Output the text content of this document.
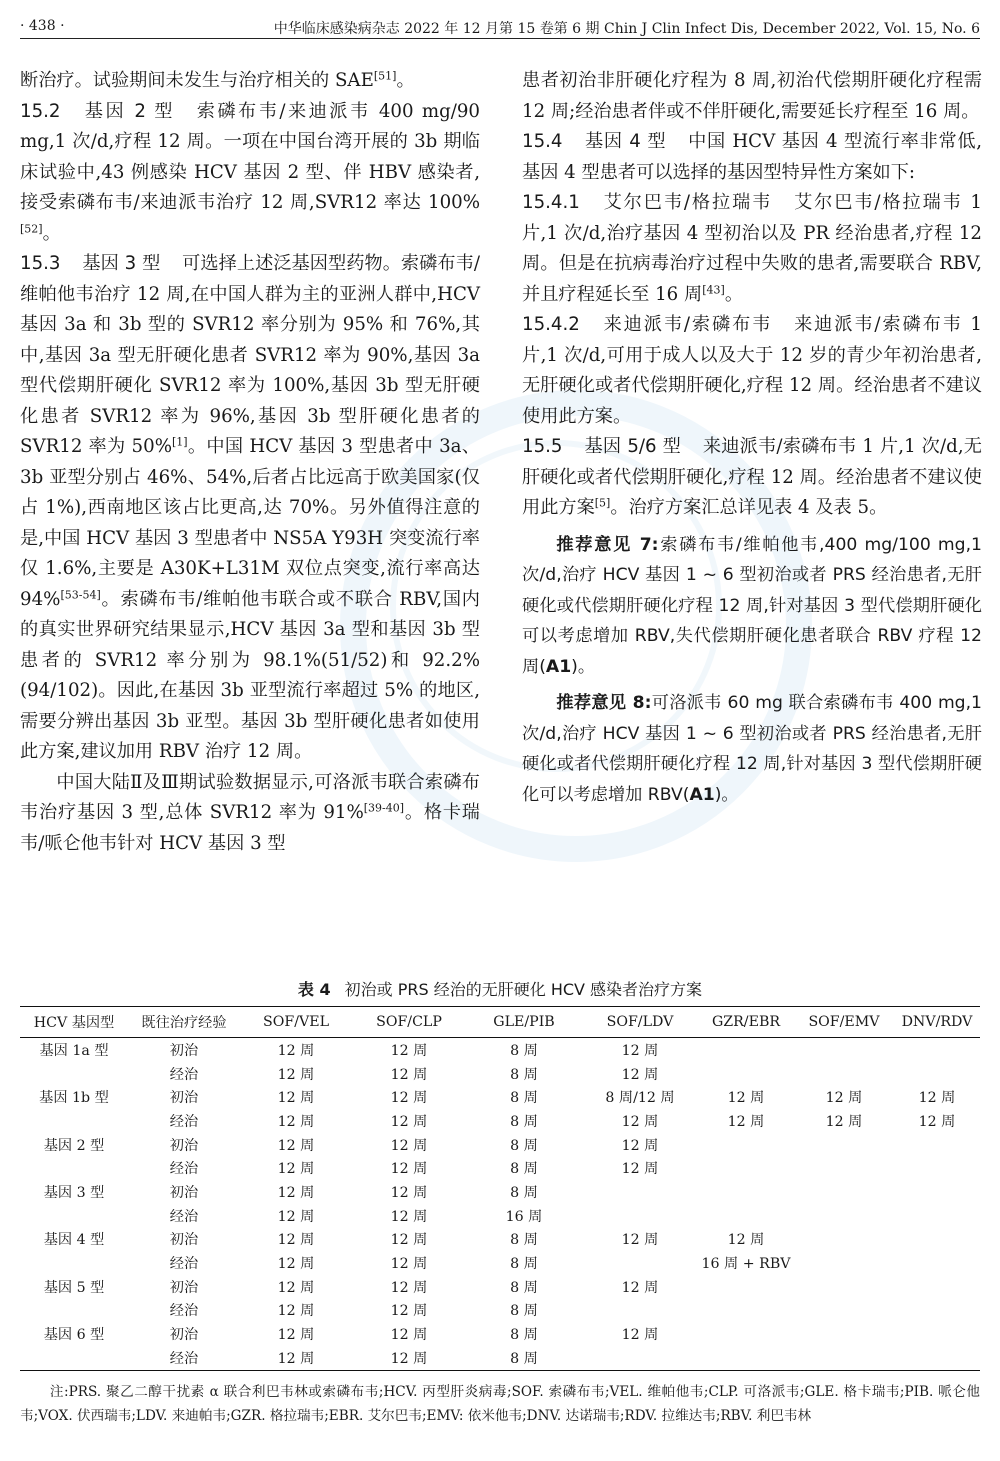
· 438 ·	中华临床感染病杂志 2022 年 12 月第 15 卷第 6 期 Chin J Clin Infect Dis, December 2022, Vol. 15, No. 6

断治疗。试验期间未发生与治疗相关的 SAE[51]。

15.2 基因 2 型 索磷布韦/来迪派韦 400 mg/90 mg,1 次/d,疗程 12 周。一项在中国台湾开展的 3b 期临床试验中,43 例感染 HCV 基因 2 型、伴 HBV 感染者,接受索磷布韦/来迪派韦治疗 12 周,SVR12 率达 100%[52]。

15.3 基因 3 型 可选择上述泛基因型药物。索磷布韦/维帕他韦治疗 12 周,在中国人群为主的亚洲人群中,HCV 基因 3a 和 3b 型的 SVR12 率分别为 95% 和 76%,其中,基因 3a 型无肝硬化患者 SVR12 率为 90%,基因 3a 型代偿期肝硬化 SVR12 率为 100%,基因 3b 型无肝硬化患者 SVR12 率为 96%,基因 3b 型肝硬化患者的 SVR12 率为 50%[1]。中国 HCV 基因 3 型患者中 3a、3b 亚型分别占 46%、54%,后者占比远高于欧美国家(仅占 1%),西南地区该占比更高,达 70%。另外值得注意的是,中国 HCV 基因 3 型患者中 NS5A Y93H 突变流行率仅 1.6%,主要是 A30K+L31M 双位点突变,流行率高达 94%[53-54]。索磷布韦/维帕他韦联合或不联合 RBV,国内的真实世界研究结果显示,HCV 基因 3a 型和基因 3b 型患者的 SVR12 率分别为 98.1%(51/52)和 92.2%(94/102)。因此,在基因 3b 亚型流行率超过 5% 的地区,需要分辨出基因 3b 亚型。基因 3b 型肝硬化患者如使用此方案,建议加用 RBV 治疗 12 周。

中国大陆Ⅱ及Ⅲ期试验数据显示,可洛派韦联合索磷布韦治疗基因 3 型,总体 SVR12 率为 91%[39-40]。格卡瑞韦/哌仑他韦针对 HCV 基因 3 型

患者初治非肝硬化疗程为 8 周,初治代偿期肝硬化疗程需 12 周;经治患者伴或不伴肝硬化,需要延长疗程至 16 周。

15.4 基因 4 型 中国 HCV 基因 4 型流行率非常低,基因 4 型患者可以选择的基因型特异性方案如下:

15.4.1 艾尔巴韦/格拉瑞韦 艾尔巴韦/格拉瑞韦 1 片,1 次/d,治疗基因 4 型初治以及 PR 经治患者,疗程 12 周。但是在抗病毒治疗过程中失败的患者,需要联合 RBV,并且疗程延长至 16 周[43]。

15.4.2 来迪派韦/索磷布韦 来迪派韦/索磷布韦 1 片,1 次/d,可用于成人以及大于 12 岁的青少年初治患者,无肝硬化或者代偿期肝硬化,疗程 12 周。经治患者不建议使用此方案。

15.5 基因 5/6 型 来迪派韦/索磷布韦 1 片,1 次/d,无肝硬化或者代偿期肝硬化,疗程 12 周。经治患者不建议使用此方案[5]。治疗方案汇总详见表 4 及表 5。

推荐意见 7:索磷布韦/维帕他韦,400 mg/100 mg,1 次/d,治疗 HCV 基因 1 ~ 6 型初治或者 PRS 经治患者,无肝硬化或代偿期肝硬化疗程 12 周,针对基因 3 型代偿期肝硬化可以考虑增加 RBV,失代偿期肝硬化患者联合 RBV 疗程 12 周(A1)。

推荐意见 8:可洛派韦 60 mg 联合索磷布韦 400 mg,1 次/d,治疗 HCV 基因 1 ~ 6 型初治或者 PRS 经治患者,无肝硬化或者代偿期肝硬化疗程 12 周,针对基因 3 型代偿期肝硬化可以考虑增加 RBV(A1)。

表 4 初治或 PRS 经治的无肝硬化 HCV 感染者治疗方案
HCV 基因型	既往治疗经验	SOF/VEL	SOF/CLP	GLE/PIB	SOF/LDV	GZR/EBR	SOF/EMV	DNV/RDV
基因 1a 型	初治	12 周	12 周	8 周	12 周			
	经治	12 周	12 周	8 周	12 周			
基因 1b 型	初治	12 周	12 周	8 周	8 周/12 周	12 周	12 周	12 周
	经治	12 周	12 周	8 周	12 周	12 周	12 周	12 周
基因 2 型	初治	12 周	12 周	8 周	12 周			
	经治	12 周	12 周	8 周	12 周			
基因 3 型	初治	12 周	12 周	8 周				
	经治	12 周	12 周	16 周				
基因 4 型	初治	12 周	12 周	8 周	12 周	12 周		
	经治	12 周	12 周	8 周		16 周 + RBV		
基因 5 型	初治	12 周	12 周	8 周	12 周			
	经治	12 周	12 周	8 周				
基因 6 型	初治	12 周	12 周	8 周	12 周			
	经治	12 周	12 周	8 周				
注:PRS. 聚乙二醇干扰素 α 联合利巴韦林或索磷布韦;HCV. 丙型肝炎病毒;SOF. 索磷布韦;VEL. 维帕他韦;CLP. 可洛派韦;GLE. 格卡瑞韦;PIB. 哌仑他韦;VOX. 伏西瑞韦;LDV. 来迪帕韦;GZR. 格拉瑞韦;EBR. 艾尔巴韦;EMV: 依米他韦;DNV. 达诺瑞韦;RDV. 拉维达韦;RBV. 利巴韦林
